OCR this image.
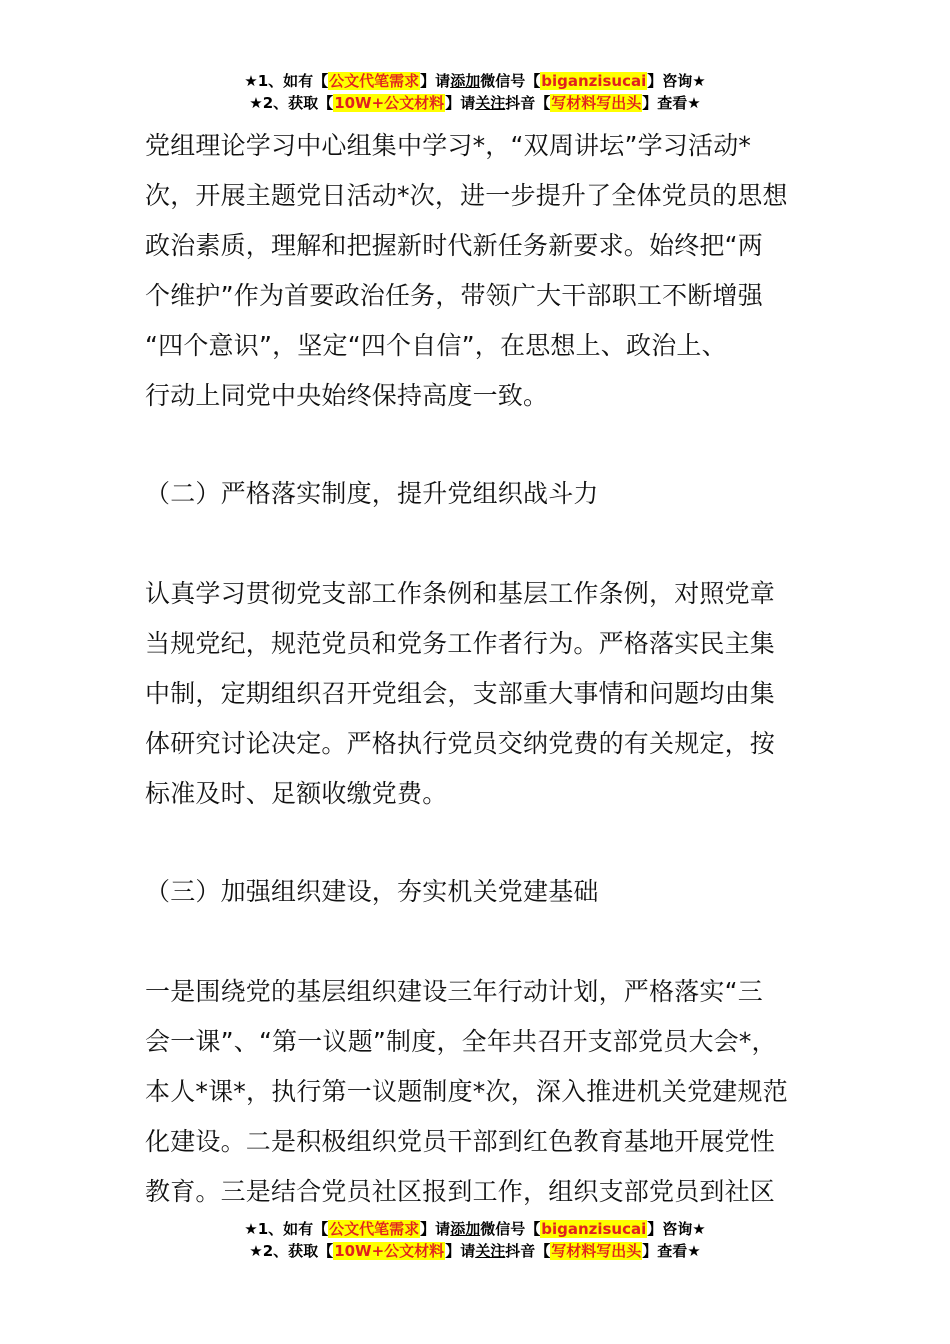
★1、如有【公文代笔需求】请添加微信号【biganzisucai】咨询★
★2、获取【10W+公文材料】请关注抖音【写材料写出头】查看★
党组理论学习中心组集中学习*，“双周讲坛”学习活动*
次，开展主题党日活动*次，进一步提升了全体党员的思想
政治素质，理解和把握新时代新任务新要求。始终把“两
个维护”作为首要政治任务，带领广大干部职工不断增强
“四个意识”，坚定“四个自信”，在思想上、政治上、
行动上同党中央始终保持高度一致。
（二）严格落实制度，提升党组织战斗力
认真学习贯彻党支部工作条例和基层工作条例，对照党章
当规党纪，规范党员和党务工作者行为。严格落实民主集
中制，定期组织召开党组会，支部重大事情和问题均由集
体研究讨论决定。严格执行党员交纳党费的有关规定，按
标准及时、足额收缴党费。
（三）加强组织建设，夯实机关党建基础
一是围绕党的基层组织建设三年行动计划，严格落实“三
会一课”、“第一议题”制度，全年共召开支部党员大会*，
本人*课*，执行第一议题制度*次，深入推进机关党建规范
化建设。二是积极组织党员干部到红色教育基地开展党性
教育。三是结合党员社区报到工作，组织支部党员到社区
★1、如有【公文代笔需求】请添加微信号【biganzisucai】咨询★
★2、获取【10W+公文材料】请关注抖音【写材料写出头】查看★
